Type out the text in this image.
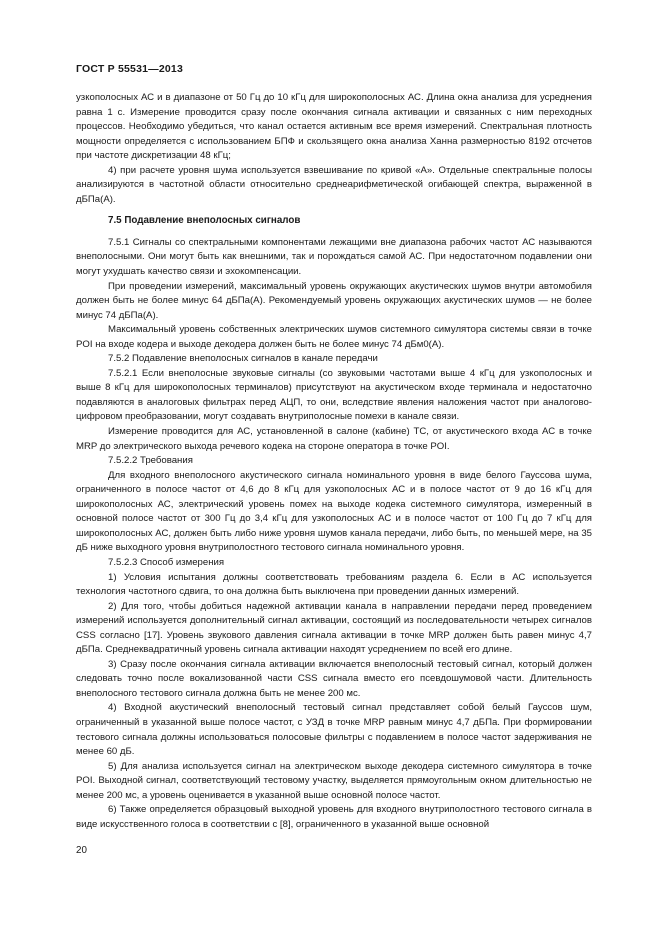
ГОСТ Р 55531—2013

узкополосных АС и в диапазоне от 50 Гц до 10 кГц для широкополосных АС. Длина окна анализа для усреднения равна 1 с. Измерение проводится сразу после окончания сигнала активации и связанных с ним переходных процессов. Необходимо убедиться, что канал остается активным все время измерений. Спектральная плотность мощности определяется с использованием БПФ и скользящего окна анализа Ханна размерностью 8192 отсчетов при частоте дискретизации 48 кГц;

4) при расчете уровня шума используется взвешивание по кривой «А». Отдельные спектральные полосы анализируются в частотной области относительно среднеарифметической огибающей спектра, выраженной в дБПа(А).

7.5 Подавление внеполосных сигналов

7.5.1 Сигналы со спектральными компонентами лежащими вне диапазона рабочих частот АС называются внеполосными. Они могут быть как внешними, так и порождаться самой АС. При недостаточном подавлении они могут ухудшать качество связи и эхокомпенсации.

При проведении измерений, максимальный уровень окружающих акустических шумов внутри автомобиля должен быть не более минус 64 дБПа(А). Рекомендуемый уровень окружающих акустических шумов — не более минус 74 дБПа(А).

Максимальный уровень собственных электрических шумов системного симулятора системы связи в точке POI на входе кодера и выходе декодера должен быть не более минус 74 дБм0(А).

7.5.2 Подавление внеполосных сигналов в канале передачи

7.5.2.1 Если внеполосные звуковые сигналы (со звуковыми частотами выше 4 кГц для узкополосных и выше 8 кГц для широкополосных терминалов) присутствуют на акустическом входе терминала и недостаточно подавляются в аналоговых фильтрах перед АЦП, то они, вследствие явления наложения частот при аналогово-цифровом преобразовании, могут создавать внутриполосные помехи в канале связи.

Измерение проводится для АС, установленной в салоне (кабине) ТС, от акустического входа АС в точке MRP до электрического выхода речевого кодека на стороне оператора в точке POI.

7.5.2.2 Требования

Для входного внеполосного акустического сигнала номинального уровня в виде белого Гауссова шума, ограниченного в полосе частот от 4,6 до 8 кГц для узкополосных АС и в полосе частот от 9 до 16 кГц для широкополосных АС, электрический уровень помех на выходе кодека системного симулятора, измеренный в основной полосе частот от 300 Гц до 3,4 кГц для узкополосных АС и в полосе частот от 100 Гц до 7 кГц для широкополосных АС, должен быть либо ниже уровня шумов канала передачи, либо быть, по меньшей мере, на 35 дБ ниже выходного уровня внутриполостного тестового сигнала номинального уровня.

7.5.2.3 Способ измерения

1) Условия испытания должны соответствовать требованиям раздела 6. Если в АС используется технология частотного сдвига, то она должна быть выключена при проведении данных измерений.

2) Для того, чтобы добиться надежной активации канала в направлении передачи перед проведением измерений используется дополнительный сигнал активации, состоящий из последовательности четырех сигналов CSS согласно [17]. Уровень звукового давления сигнала активации в точке MRP должен быть равен минус 4,7 дБПа. Среднеквадратичный уровень сигнала активации находят усреднением по всей его длине.

3) Сразу после окончания сигнала активации включается внеполосный тестовый сигнал, который должен следовать точно после вокализованной части CSS сигнала вместо его псевдошумовой части. Длительность внеполосного тестового сигнала должна быть не менее 200 мс.

4) Входной акустический внеполосный тестовый сигнал представляет собой белый Гауссов шум, ограниченный в указанной выше полосе частот, с УЗД в точке MRP равным минус 4,7 дБПа. При формировании тестового сигнала должны использоваться полосовые фильтры с подавлением в полосе частот задерживания не менее 60 дБ.

5) Для анализа используется сигнал на электрическом выходе декодера системного симулятора в точке POI. Выходной сигнал, соответствующий тестовому участку, выделяется прямоугольным окном длительностью не менее 200 мс, а уровень оценивается в указанной выше основной полосе частот.

6) Также определяется образцовый выходной уровень для входного внутриполостного тестового сигнала в виде искусственного голоса в соответствии с [8], ограниченного в указанной выше основной

20
